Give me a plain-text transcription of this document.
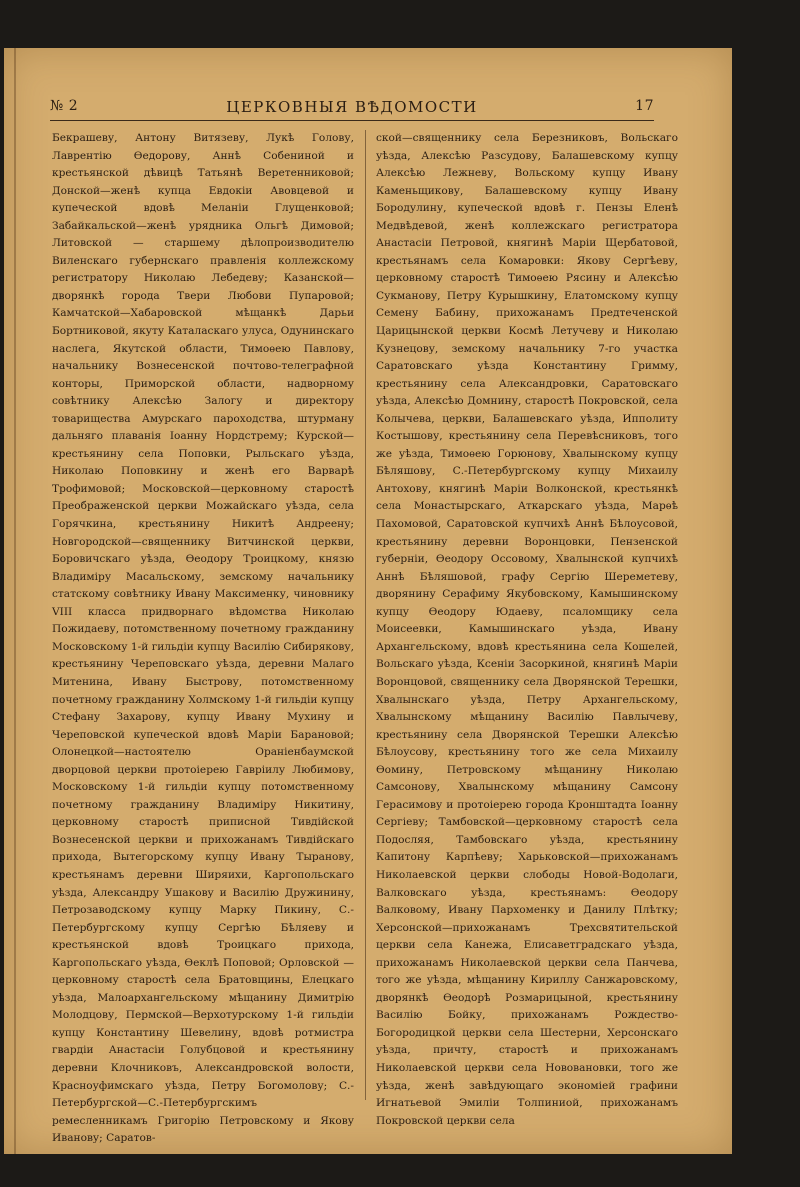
№ 2	ЦЕРКОВНЫЯ ВѢДОМОСТИ	17

Бекрашеву, Антону Витязеву, Лукѣ Голову, Лаврентію Ѳедорову, Аннѣ Собениной и крестьянской дѣвицѣ Татьянѣ Веретенниковой; Донской—женѣ купца Евдокіи Авовцевой и купеческой вдовѣ Меланіи Глущенковой; Забайкальской—женѣ урядника Ольгѣ Димовой; Литовской — старшему дѣлопроизводителю Виленскаго губернскаго правленія коллежскому регистратору Николаю Лебедеву; Казанской—дворянкѣ города Твери Любови Пупаровой; Камчатской—Хабаровской мѣщанкѣ Дарьи Бортниковой, якуту Каталаскаго улуса, Одунинскаго наслега, Якутской области, Тимоѳею Павлову, начальнику Вознесенской почтово-телеграфной конторы, Приморской области, надворному совѣтнику Алексѣю Залогу и директору товарищества Амурскаго пароходства, штурману дальняго плаванія Іоанну Нордстрему; Курской—крестьянину села Поповки, Рыльскаго уѣзда, Николаю Поповкину и женѣ его Варварѣ Трофимовой; Московской—церковному старостѣ Преображенской церкви Можайскаго уѣзда, села Горячкина, крестьянину Никитѣ Андреену; Новгородской—священнику Витчинской церкви, Боровичскаго уѣзда, Ѳеодору Троицкому, князю Владиміру Масальскому, земскому начальнику статскому совѣтнику Ивану Максименку, чиновнику VIII класса придворнаго вѣдомства Николаю Пожидаеву, потомственному почетному гражданину Московскому 1-й гильдіи купцу Василію Сибирякову, крестьянину Череповскаго уѣзда, деревни Малаго Митенина, Ивану Быстрову, потомственному почетному гражданину Холмскому 1-й гильдіи купцу Стефану Захарову, купцу Ивану Мухину и Череповской купеческой вдовѣ Маріи Барановой; Олонецкой—настоятелю Ораніенбаумской дворцовой церкви протоіерею Гавріилу Любимову, Московскому 1-й гильдіи купцу потомственному почетному гражданину Владиміру Никитину, церковному старостѣ приписной Тивдійской Вознесенской церкви и прихожанамъ Тивдійскаго прихода, Вытегорскому купцу Ивану Тыранову, крестьянамъ деревни Ширяихи, Каргопольскаго уѣзда, Александру Ушакову и Василію Дружинину, Петрозаводскому купцу Марку Пикину, С.-Петербургскому купцу Сергѣю Бѣляеву и крестьянской вдовѣ Троицкаго прихода, Каргопольскаго уѣзда, Ѳеклѣ Поповой; Орловской — церковному старостѣ села Братовщины, Елецкаго уѣзда, Малоархангельскому мѣщанину Димитрію Молодцову, Пермской—Верхотурскому 1-й гильдіи купцу Константину Шевелину, вдовѣ ротмистра гвардіи Анастасіи Голубцовой и крестьянину деревни Клочниковъ, Александровской волости, Красноуфимскаго уѣзда, Петру Богомолову; С.-Петербургской—С.-Петербургскимъ ремесленникамъ Григорію Петровскому и Якову Иванову; Саратов-

ской—священнику села Березниковъ, Вольскаго уѣзда, Алексѣю Разсудову, Балашевскому купцу Алексѣю Лежневу, Вольскому купцу Ивану Каменьщикову, Балашевскому купцу Ивану Бородулину, купеческой вдовѣ г. Пензы Еленѣ Медвѣдевой, женѣ коллежскаго регистратора Анастасіи Петровой, княгинѣ Маріи Щербатовой, крестьянамъ села Комаровки: Якову Сергѣеву, церковному старостѣ Тимоѳею Рясину и Алексѣю Сукманову, Петру Курышкину, Елатомскому купцу Семену Бабину, прихожанамъ Предтеченской Царицынской церкви Космѣ Летучеву и Николаю Кузнецову, земскому начальнику 7-го участка Саратовскаго уѣзда Константину Гримму, крестьянину села Александровки, Саратовскаго уѣзда, Алексѣю Домнину, старостѣ Покровской, села Колычева, церкви, Балашевскаго уѣзда, Ипполиту Костышову, крестьянину села Перевѣсниковъ, того же уѣзда, Тимоѳею Горюнову, Хвалынскому купцу Бѣляшову, С.-Петербургскому купцу Михаилу Антохову, княгинѣ Маріи Волконской, крестьянкѣ села Монастырскаго, Аткарскаго уѣзда, Марѳѣ Пахомовой, Саратовской купчихѣ Аннѣ Бѣлоусовой, крестьянину деревни Воронцовки, Пензенской губерніи, Ѳеодору Оссовому, Хвалынской купчихѣ Аннѣ Бѣляшовой, графу Сергію Шереметеву, дворянину Серафиму Якубовскому, Камышинскому купцу Ѳеодору Юдаеву, псаломщику села Моисеевки, Камышинскаго уѣзда, Ивану Архангельскому, вдовѣ крестьянина села Кошелей, Вольскаго уѣзда, Ксеніи Засоркиной, княгинѣ Маріи Воронцовой, священнику села Дворянской Терешки, Хвалынскаго уѣзда, Петру Архангельскому, Хвалынскому мѣщанину Василію Павлычеву, крестьянину села Дворянской Терешки Алексѣю Бѣлоусову, крестьянину того же села Михаилу Ѳомину, Петровскому мѣщанину Николаю Самсонову, Хвалынскому мѣщанину Самсону Герасимову и протоіерею города Кронштадта Іоанну Сергіеву; Тамбовской—церковному старостѣ села Подосляя, Тамбовскаго уѣзда, крестьянину Капитону Карпѣеву; Харьковской—прихожанамъ Николаевской церкви слободы Новой-Водолаги, Валковскаго уѣзда, крестьянамъ: Ѳеодору Валковому, Ивану Пархоменку и Данилу Плѣтку; Херсонской—прихожанамъ Трехсвятительской церкви села Канежа, Елисаветградскаго уѣзда, прихожанамъ Николаевской церкви села Панчева, того же уѣзда, мѣщанину Кириллу Санжаровскому, дворянкѣ Ѳеодорѣ Розмарицыной, крестьянину Василію Бойку, прихожанамъ Рождество-Богородицкой церкви села Шестерни, Херсонскаго уѣзда, причту, старостѣ и прихожанамъ Николаевской церкви села Нововановки, того же уѣзда, женѣ завѣдующаго экономіей графини Игнатьевой Эмиліи Толпиниой, прихожанамъ Покровской церкви села
